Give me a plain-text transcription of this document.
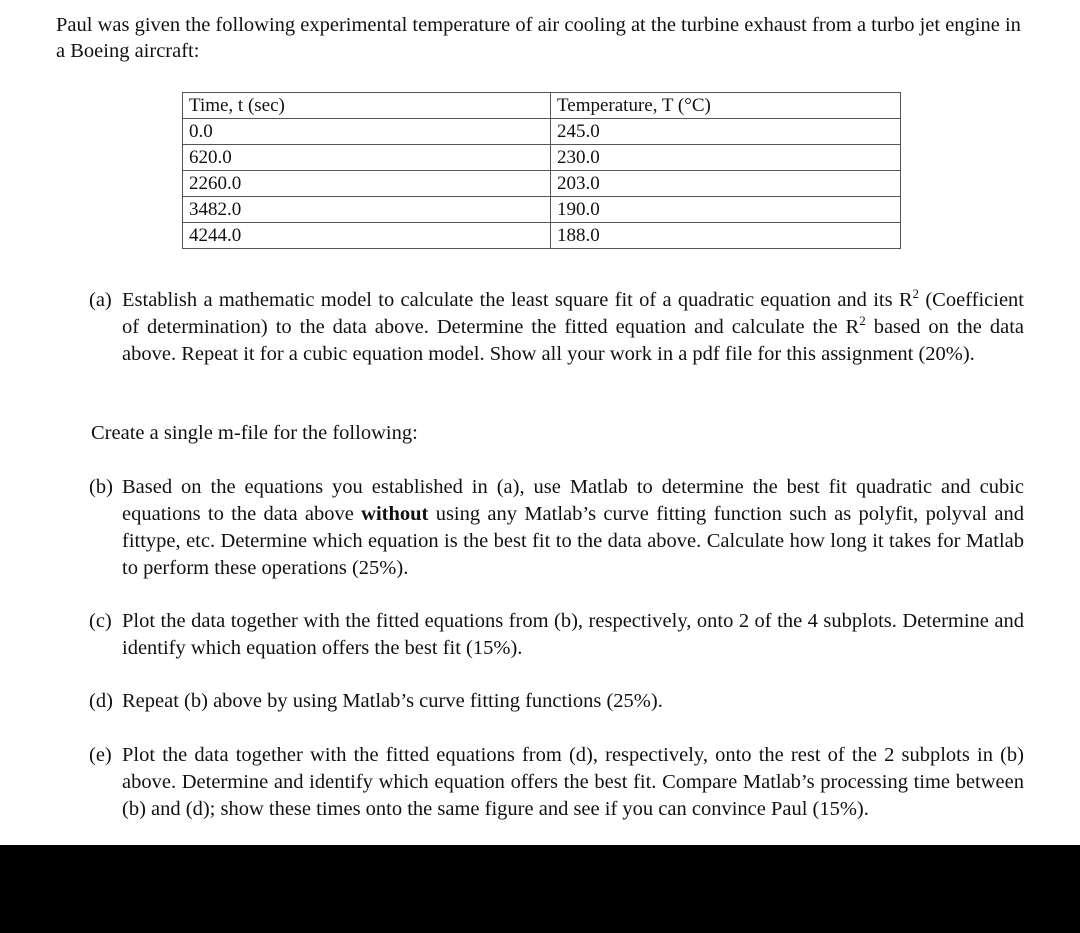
Paul was given the following experimental temperature of air cooling at the turbine exhaust from a turbo jet engine in a Boeing aircraft:

Time, t (sec)	Temperature, T (°C)
0.0	245.0
620.0	230.0
2260.0	203.0
3482.0	190.0
4244.0	188.0
(a) Establish a mathematic model to calculate the least square fit of a quadratic equation and its $R^2$ (Coefficient of determination) to the data above. Determine the fitted equation and calculate the $R^2$ based on the data above. Repeat it for a cubic equation model. Show all your work in a pdf file for this assignment (20%).

Create a single m-file for the following:

(b) Based on the equations you established in (a), use Matlab to determine the best fit quadratic and cubic equations to the data above without using any Matlab’s curve fitting function such as polyfit, polyval and fittype, etc. Determine which equation is the best fit to the data above. Calculate how long it takes for Matlab to perform these operations (25%).
(c) Plot the data together with the fitted equations from (b), respectively, onto 2 of the 4 subplots. Determine and identify which equation offers the best fit (15%).
(d) Repeat (b) above by using Matlab’s curve fitting functions (25%).
(e) Plot the data together with the fitted equations from (d), respectively, onto the rest of the 2 subplots in (b) above. Determine and identify which equation offers the best fit. Compare Matlab’s processing time between (b) and (d); show these times onto the same figure and see if you can convince Paul (15%).
